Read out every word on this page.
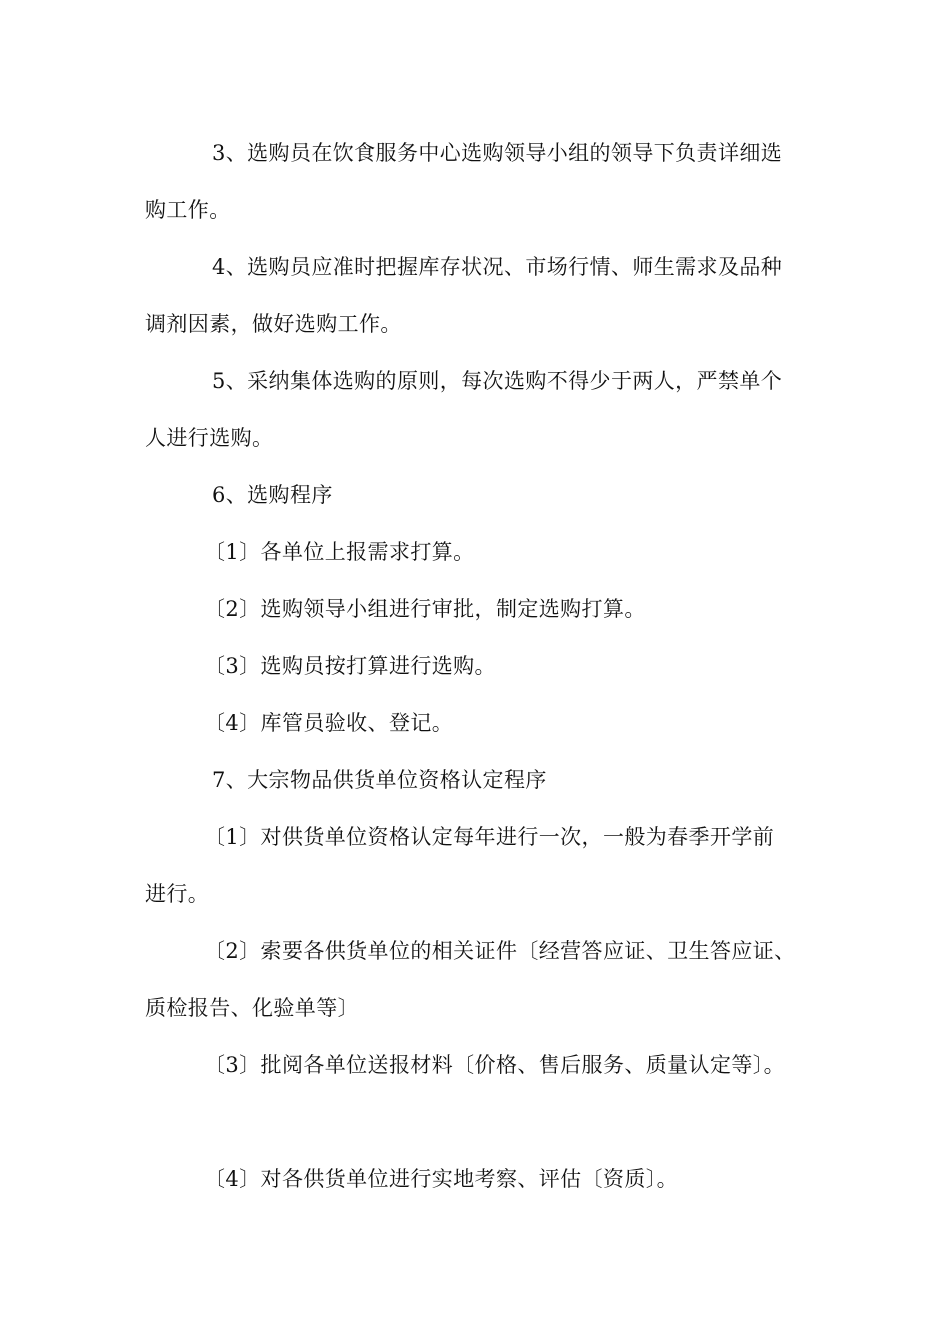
3、选购员在饮食服务中心选购领导小组的领导下负责详细选
购工作。
4、选购员应准时把握库存状况、市场行情、师生需求及品种
调剂因素，做好选购工作。
5、采纳集体选购的原则，每次选购不得少于两人，严禁单个
人进行选购。
6、选购程序
〔1〕各单位上报需求打算。
〔2〕选购领导小组进行审批，制定选购打算。
〔3〕选购员按打算进行选购。
〔4〕库管员验收、登记。
7、大宗物品供货单位资格认定程序
〔1〕对供货单位资格认定每年进行一次，一般为春季开学前
进行。
〔2〕索要各供货单位的相关证件〔经营答应证、卫生答应证、
质检报告、化验单等〕
〔3〕批阅各单位送报材料〔价格、售后服务、质量认定等〕。
〔4〕对各供货单位进行实地考察、评估〔资质〕。
